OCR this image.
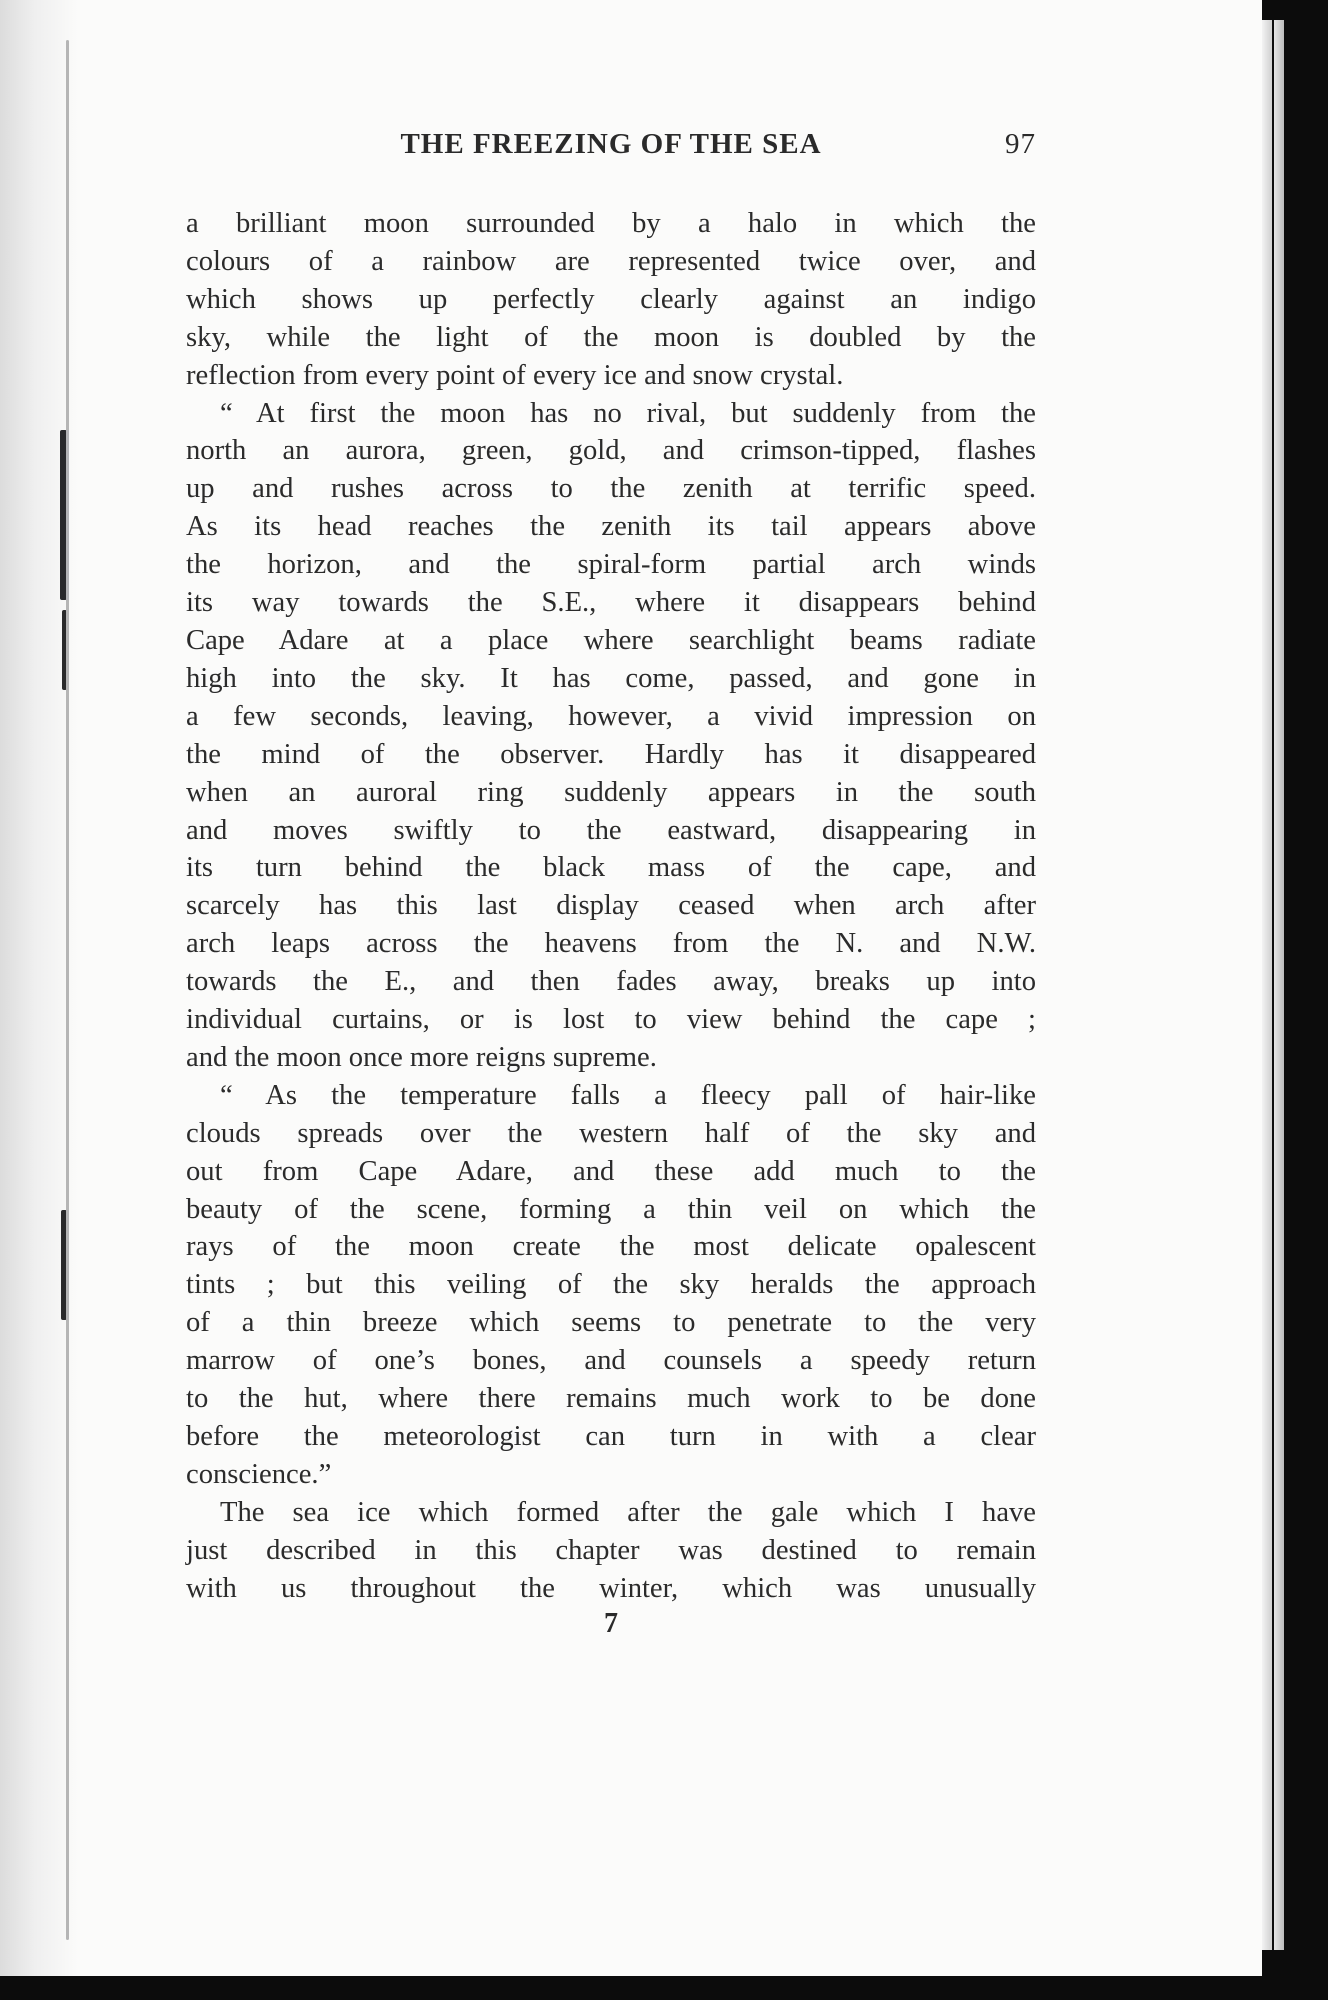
THE FREEZING OF THE SEA	97

a brilliant moon surrounded by a halo in which the

colours of a rainbow are represented twice over, and

which shows up perfectly clearly against an indigo

sky, while the light of the moon is doubled by the

reflection from every point of every ice and snow crystal.

“ At first the moon has no rival, but suddenly from the

north an aurora, green, gold, and crimson-tipped, flashes

up and rushes across to the zenith at terrific speed.

As its head reaches the zenith its tail appears above

the horizon, and the spiral-form partial arch winds

its way towards the S.E., where it disappears behind

Cape Adare at a place where searchlight beams radiate

high into the sky. It has come, passed, and gone in

a few seconds, leaving, however, a vivid impression on

the mind of the observer. Hardly has it disappeared

when an auroral ring suddenly appears in the south

and moves swiftly to the eastward, disappearing in

its turn behind the black mass of the cape, and

scarcely has this last display ceased when arch after

arch leaps across the heavens from the N. and N.W.

towards the E., and then fades away, breaks up into

individual curtains, or is lost to view behind the cape ;

and the moon once more reigns supreme.

“ As the temperature falls a fleecy pall of hair-like

clouds spreads over the western half of the sky and

out from Cape Adare, and these add much to the

beauty of the scene, forming a thin veil on which the

rays of the moon create the most delicate opalescent

tints ; but this veiling of the sky heralds the approach

of a thin breeze which seems to penetrate to the very

marrow of one’s bones, and counsels a speedy return

to the hut, where there remains much work to be done

before the meteorologist can turn in with a clear

conscience.”

The sea ice which formed after the gale which I have

just described in this chapter was destined to remain

with us throughout the winter, which was unusually

7
